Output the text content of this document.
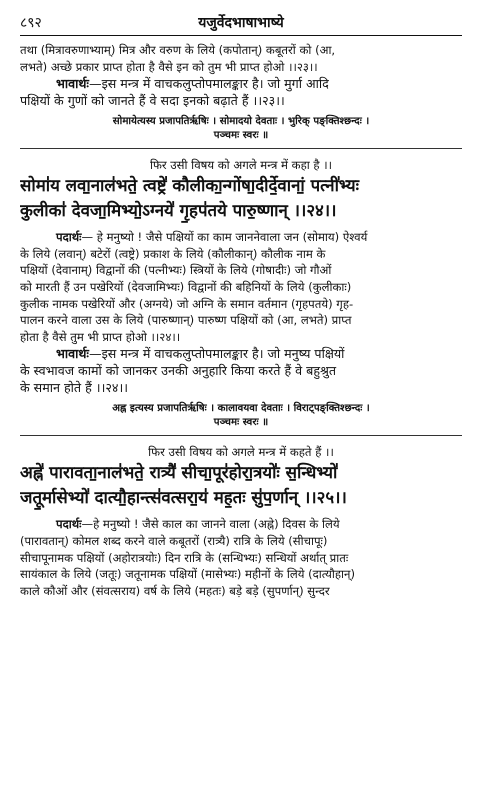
८९२	यजुर्वेदभाषाभाष्ये

तथा (मित्रावरुणाभ्याम्) मित्र और वरुण के लिये (कपोतान्) कबूतरों को (आ,

लभते) अच्छे प्रकार प्राप्त होता है वैसे इन को तुम भी प्राप्त होओ ।।२३।।

भावार्थः—इस मन्त्र में वाचकलुप्तोपमालङ्कार है। जो मुर्गा आदि

पक्षियों के गुणों को जानते हैं वे सदा इनको बढ़ाते हैं ।।२३।।

सोमायेत्यस्य प्रजापतिर्ऋषिः । सोमादयो देवताः । भुरिक् पङ्क्तिश्छन्दः ।

पञ्चमः स्वरः ॥

फिर उसी विषय को अगले मन्त्र में कहा है ।।

सोमा॑य लवा॒नाल॑भते॒ त्वष्ट्रे॑ कौलीका॒न्गोंषा॒दीर्दे॒वानां॒ पत्नी॑भ्यः

कुलीका॑ देवजा॒मिभ्यो॒ऽग्नये॑ गृ॒हप॑तये पारु॒ष्णान् ।।२४।।

पदार्थः— हे मनुष्यो ! जैसे पक्षियों का काम जाननेवाला जन (सोमाय) ऐश्वर्य

के लिये (लवान्) बटेरों (त्वष्ट्रे) प्रकाश के लिये (कौलीकान्) कौलीक नाम के

पक्षियों (देवानाम्) विद्वानों की (पत्नीभ्यः) स्त्रियों के लिये (गोषादीः) जो गौओं

को मारती हैं उन पखेरियों (देवजामिभ्यः) विद्वानों की बहिनियों के लिये (कुलीकाः)

कुलीक नामक पखेरियों और (अग्नये) जो अग्नि के समान वर्तमान (गृहपतये) गृह-

पालन करने वाला उस के लिये (पारुष्णान्) पारुष्ण पक्षियों को (आ, लभते) प्राप्त

होता है वैसे तुम भी प्राप्त होओ ।।२४।।

भावार्थः—इस मन्त्र में वाचकलुप्तोपमालङ्कार है। जो मनुष्य पक्षियों

के स्वभावज कामों को जानकर उनकी अनुहारि किया करते हैं वे बहुश्रुत

के समान होते हैं ।।२४।।

अह्न इत्यस्य प्रजापतिर्ऋषिः । कालावयवा देवताः । विराट्पङ्क्तिश्छन्दः ।

पञ्चमः स्वरः ॥

फिर उसी विषय को अगले मन्त्र में कहते हैं ।।

अह्ने॑ पारावता॒नाल॑भते॒ रात्र्यै॑ सीचा॒पूर॑होरा॒त्रयोः॑ स॒न्धिभ्यो॑

जतू॒र्मासेभ्यो॑ दात्यौ॒हान्त्स॑वत्सरा॒य॑ मह॒तः सु॑प॒र्णान् ।।२५।।

पदार्थः—हे मनुष्यो ! जैसे काल का जानने वाला (अह्ने) दिवस के लिये

(पारावतान्) कोमल शब्द करने वाले कबूतरों (रात्र्यै) रात्रि के लिये (सीचापूः)

सीचापूनामक पक्षियों (अहोरात्रयोः) दिन रात्रि के (सन्धिभ्यः) सन्धियों अर्थात् प्रातः

सायंकाल के लिये (जतूः) जतूनामक पक्षियों (मासेभ्यः) महीनों के लिये (दात्यौहान्)

काले कौओं और (संवत्सराय) वर्ष के लिये (महतः) बड़े बड़े (सुपर्णान्) सुन्दर
